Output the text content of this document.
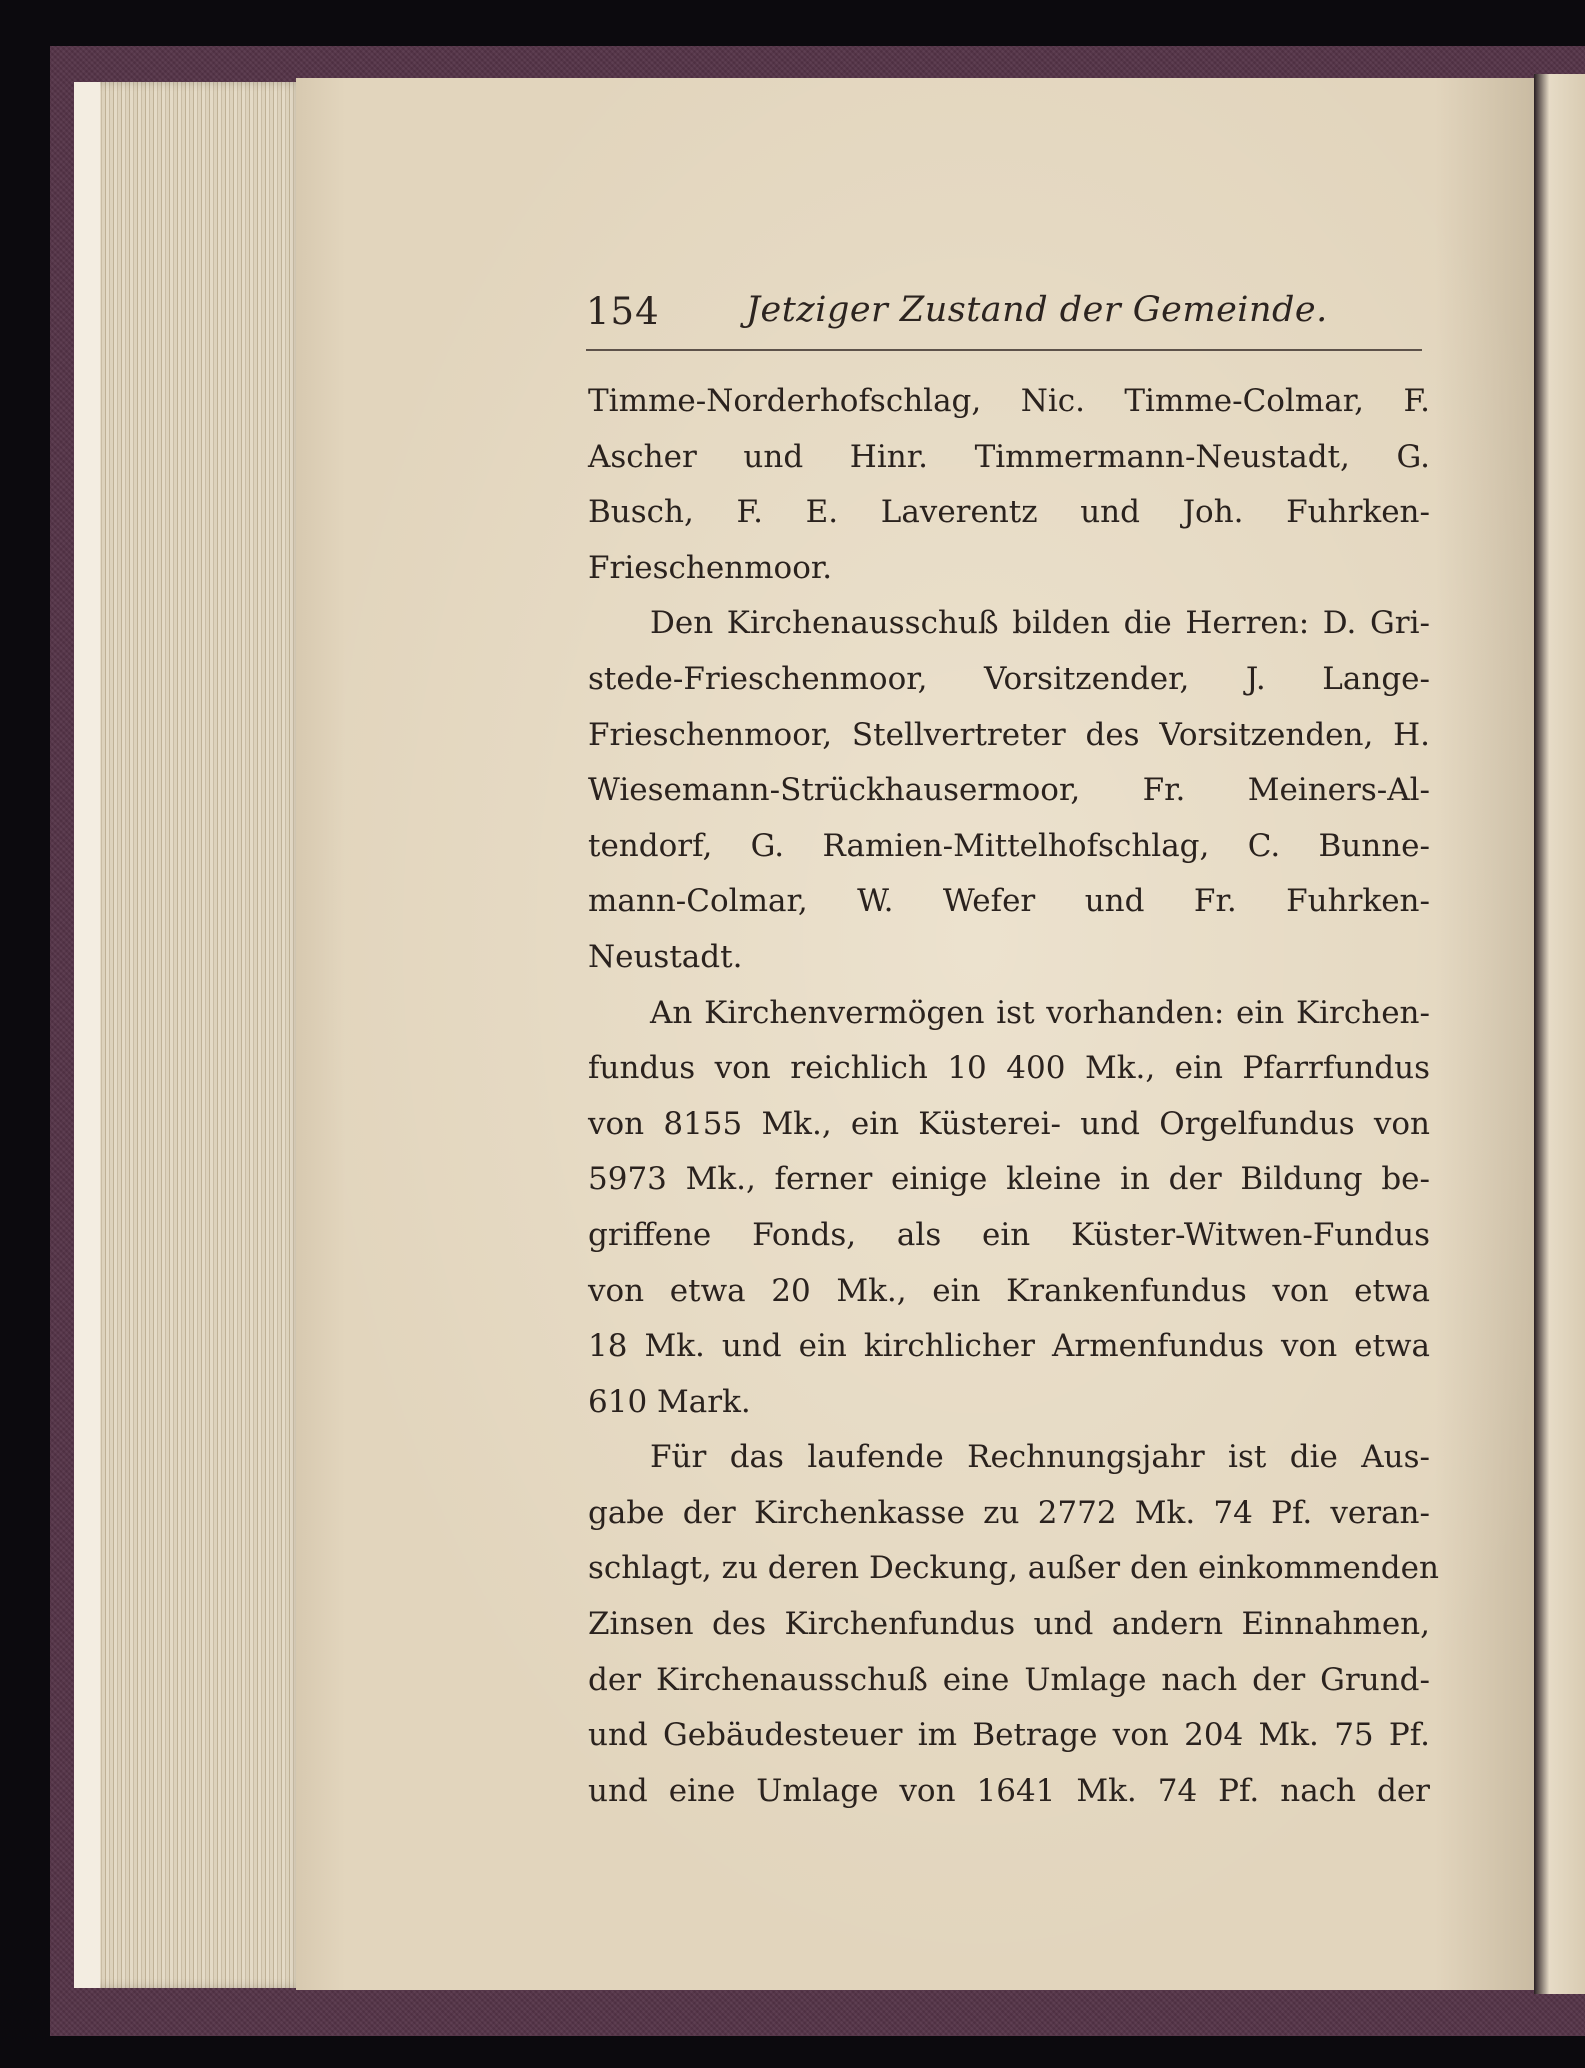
154 Jetziger Zustand der Gemeinde.
Timme-Norderhofschlag, Nic. Timme-Colmar, F.
Ascher und Hinr. Timmermann-Neustadt, G.
Busch, F. E. Laverentz und Joh. Fuhrken-
Frieschenmoor.
Den Kirchenausschuß bilden die Herren: D. Gri-
stede-Frieschenmoor, Vorsitzender, J. Lange-
Frieschenmoor, Stellvertreter des Vorsitzenden, H.
Wiesemann-Strückhausermoor, Fr. Meiners-Al-
tendorf, G. Ramien-Mittelhofschlag, C. Bunne-
mann-Colmar, W. Wefer und Fr. Fuhrken-
Neustadt.
An Kirchenvermögen ist vorhanden: ein Kirchen-
fundus von reichlich 10 400 Mk., ein Pfarrfundus
von 8155 Mk., ein Küsterei- und Orgelfundus von
5973 Mk., ferner einige kleine in der Bildung be-
griffene Fonds, als ein Küster-Witwen-Fundus
von etwa 20 Mk., ein Krankenfundus von etwa
18 Mk. und ein kirchlicher Armenfundus von etwa
610 Mark.
Für das laufende Rechnungsjahr ist die Aus-
gabe der Kirchenkasse zu 2772 Mk. 74 Pf. veran-
schlagt, zu deren Deckung, außer den einkommenden
Zinsen des Kirchenfundus und andern Einnahmen,
der Kirchenausschuß eine Umlage nach der Grund-
und Gebäudesteuer im Betrage von 204 Mk. 75 Pf.
und eine Umlage von 1641 Mk. 74 Pf. nach der
